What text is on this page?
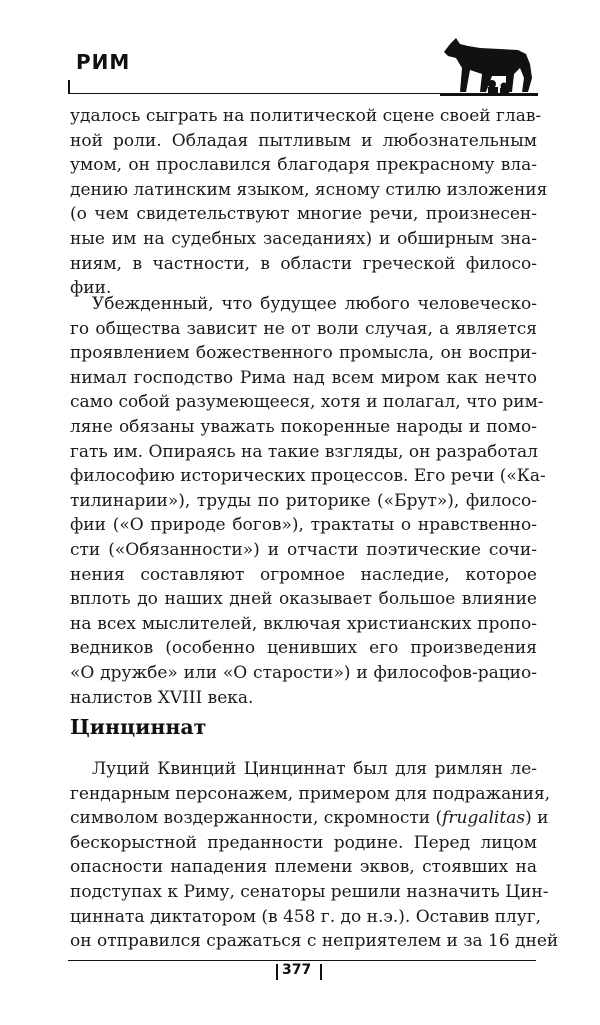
РИМ
удалось сыграть на политической сцене своей глав-
ной роли. Обладая пытливым и любознательным
умом, он прославился благодаря прекрасному вла-
дению латинским языком, ясному стилю изложения
(о чем свидетельствуют многие речи, произнесен-
ные им на судебных заседаниях) и обширным зна-
ниям, в частности, в области греческой филосо-
фии.
Убежденный, что будущее любого человеческо-
го общества зависит не от воли случая, а является
проявлением божественного промысла, он воспри-
нимал господство Рима над всем миром как нечто
само собой разумеющееся, хотя и полагал, что рим-
ляне обязаны уважать покоренные народы и помо-
гать им. Опираясь на такие взгляды, он разработал
философию исторических процессов. Его речи («Ка-
тилинарии»), труды по риторике («Брут»), филосо-
фии («О природе богов»), трактаты о нравственно-
сти («Обязанности») и отчасти поэтические сочи-
нения составляют огромное наследие, которое
вплоть до наших дней оказывает большое влияние
на всех мыслителей, включая христианских пропо-
ведников (особенно ценивших его произведения
«О дружбе» или «О старости») и философов-рацио-
налистов XVIII века.
Цинциннат
Луций Квинций Цинциннат был для римлян ле-
гендарным персонажем, примером для подражания,
символом воздержанности, скромности (frugalitas) и
бескорыстной преданности родине. Перед лицом
опасности нападения племени эквов, стоявших на
подступах к Риму, сенаторы решили назначить Цин-
цинната диктатором (в 458 г. до н.э.). Оставив плуг,
он отправился сражаться с неприятелем и за 16 дней
377
